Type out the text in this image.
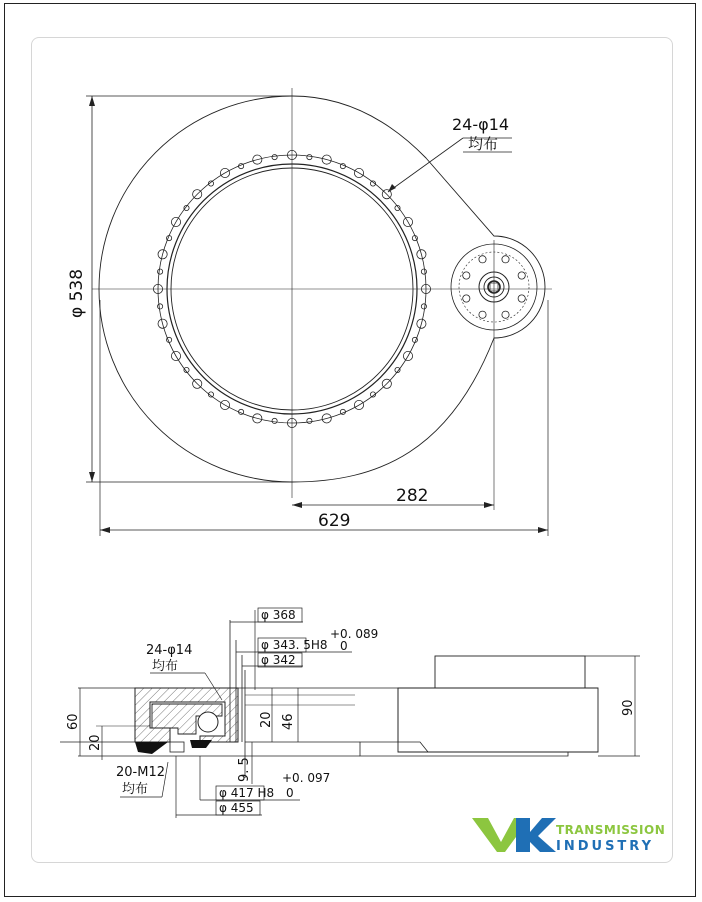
24-φ14
均布
φ 538
282
629
φ 368
+0. 089
φ 343. 5H8 0
φ 342
24-φ14
均布
60
20
20 46
90
9. 5
20-M12
均布
+0. 097
φ 417 H8 0
φ 455
TRANSMISSION
INDUSTRY
